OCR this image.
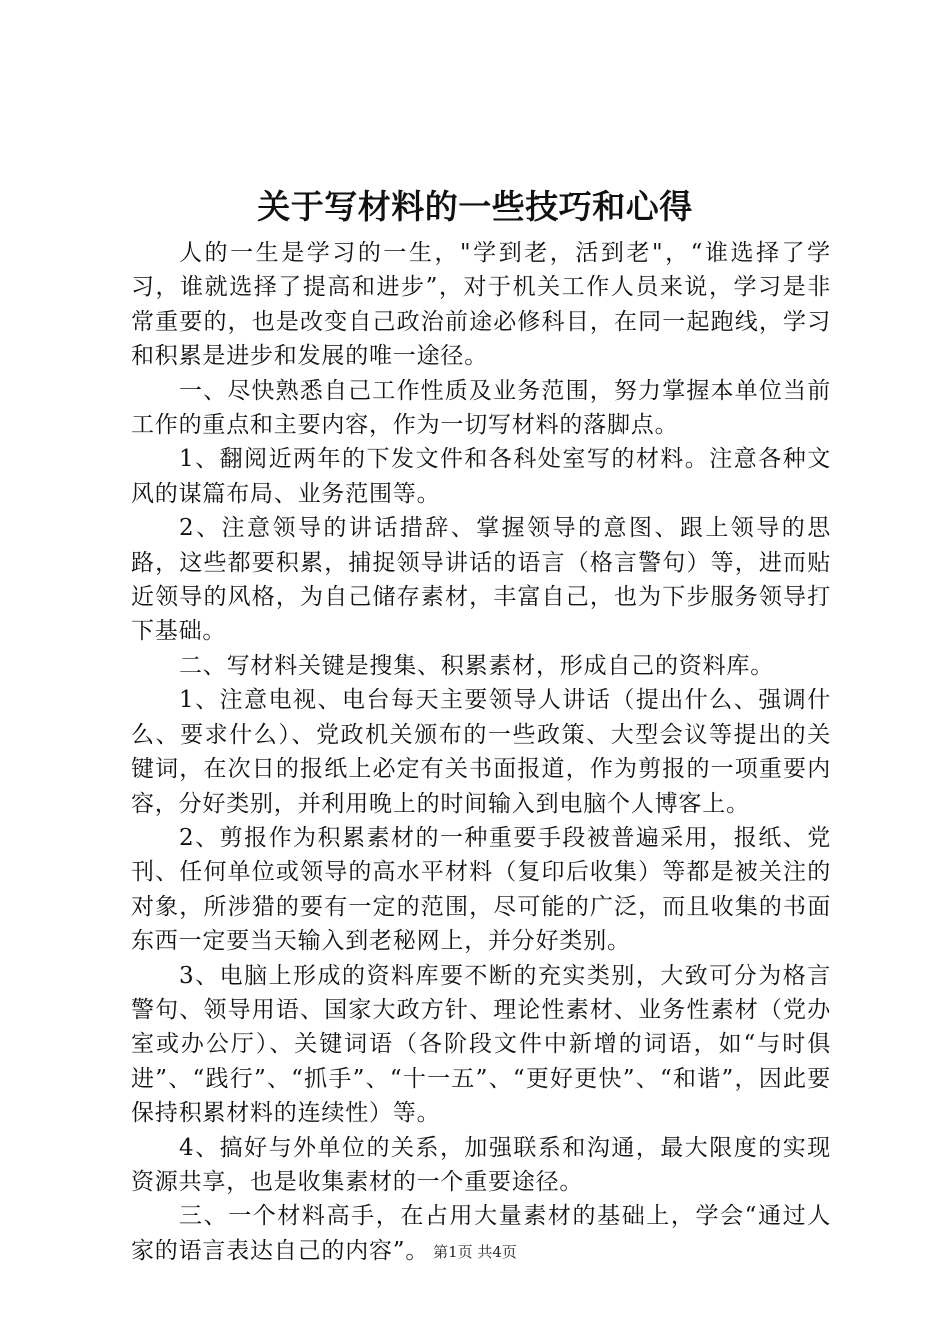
关于写材料的一些技巧和心得

人的一生是学习的一生，"学到老，活到老"，“谁选择了学习，谁就选择了提高和进步”，对于机关工作人员来说，学习是非常重要的，也是改变自己政治前途必修科目，在同一起跑线，学习和积累是进步和发展的唯一途径。

一、尽快熟悉自己工作性质及业务范围，努力掌握本单位当前工作的重点和主要内容，作为一切写材料的落脚点。

1、翻阅近两年的下发文件和各科处室写的材料。注意各种文风的谋篇布局、业务范围等。

2、注意领导的讲话措辞、掌握领导的意图、跟上领导的思路，这些都要积累，捕捉领导讲话的语言（格言警句）等，进而贴近领导的风格，为自己储存素材，丰富自己，也为下步服务领导打下基础。

二、写材料关键是搜集、积累素材，形成自己的资料库。

1、注意电视、电台每天主要领导人讲话（提出什么、强调什么、要求什么）、党政机关颁布的一些政策、大型会议等提出的关键词，在次日的报纸上必定有关书面报道，作为剪报的一项重要内容，分好类别，并利用晚上的时间输入到电脑个人博客上。

2、剪报作为积累素材的一种重要手段被普遍采用，报纸、党刊、任何单位或领导的高水平材料（复印后收集）等都是被关注的对象，所涉猎的要有一定的范围，尽可能的广泛，而且收集的书面东西一定要当天输入到老秘网上，并分好类别。

3、电脑上形成的资料库要不断的充实类别，大致可分为格言警句、领导用语、国家大政方针、理论性素材、业务性素材（党办室或办公厅）、关键词语（各阶段文件中新增的词语，如“与时俱进”、“践行”、“抓手”、“十一五”、“更好更快”、“和谐”，因此要保持积累材料的连续性）等。

4、搞好与外单位的关系，加强联系和沟通，最大限度的实现资源共享，也是收集素材的一个重要途径。

三、一个材料高手，在占用大量素材的基础上，学会“通过人家的语言表达自己的内容”。 第1页 共4页
